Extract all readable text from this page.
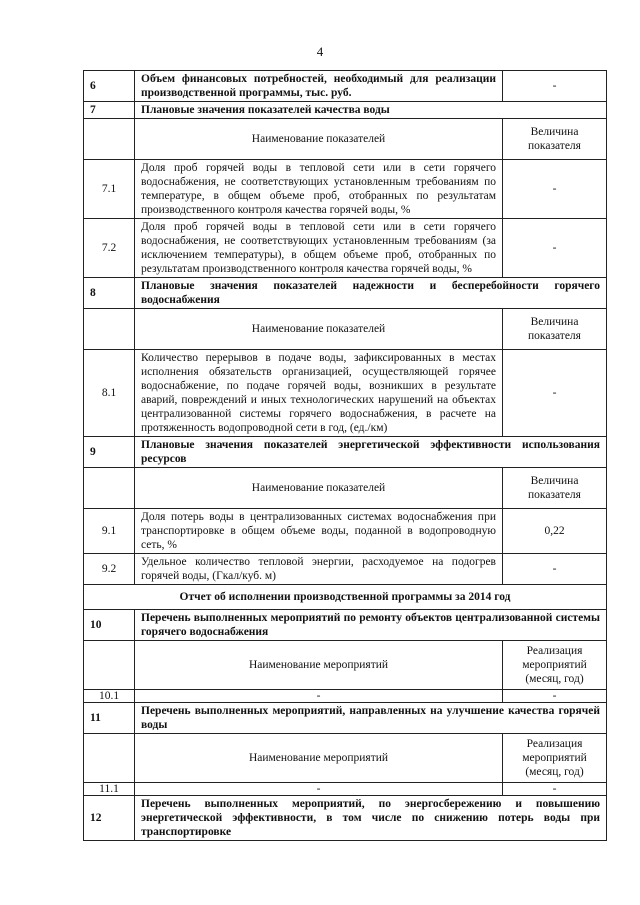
4
6	Объем финансовых потребностей, необходимый для реализации производственной программы, тыс. руб.	-
7	Плановые значения показателей качества воды	
	Наименование показателей	Величина показателя
7.1	Доля проб горячей воды в тепловой сети или в сети горячего водоснабжения, не соответствующих установленным требованиям по температуре, в общем объеме проб, отобранных по результатам производственного контроля качества горячей воды, %	-
7.2	Доля проб горячей воды в тепловой сети или в сети горячего водоснабжения, не соответствующих установленным требованиям (за исключением температуры), в общем объеме проб, отобранных по результатам производственного контроля качества горячей воды, %	-
8	Плановые значения показателей надежности и бесперебойности горячего водоснабжения	
	Наименование показателей	Величина показателя
8.1	Количество перерывов в подаче воды, зафиксированных в местах исполнения обязательств организацией, осуществляющей горячее водоснабжение, по подаче горячей воды, возникших в результате аварий, повреждений и иных технологических нарушений на объектах централизованной системы горячего водоснабжения, в расчете на протяженность водопроводной сети в год, (ед./км)	-
9	Плановые значения показателей энергетической эффективности использования ресурсов	
	Наименование показателей	Величина показателя
9.1	Доля потерь воды в централизованных системах водоснабжения при транспортировке в общем объеме воды, поданной в водопроводную сеть, %	0,22
9.2	Удельное количество тепловой энергии, расходуемое на подогрев горячей воды, (Гкал/куб. м)	-
Отчет об исполнении производственной программы за 2014 год		
10	Перечень выполненных мероприятий по ремонту объектов централизованной системы горячего водоснабжения	
	Наименование мероприятий	Реализация мероприятий (месяц, год)
10.1	-	-
11	Перечень выполненных мероприятий, направленных на улучшение качества горячей воды	
	Наименование мероприятий	Реализация мероприятий (месяц, год)
11.1	-	-
12	Перечень выполненных мероприятий, по энергосбережению и повышению энергетической эффективности, в том числе по снижению потерь воды при транспортировке	
